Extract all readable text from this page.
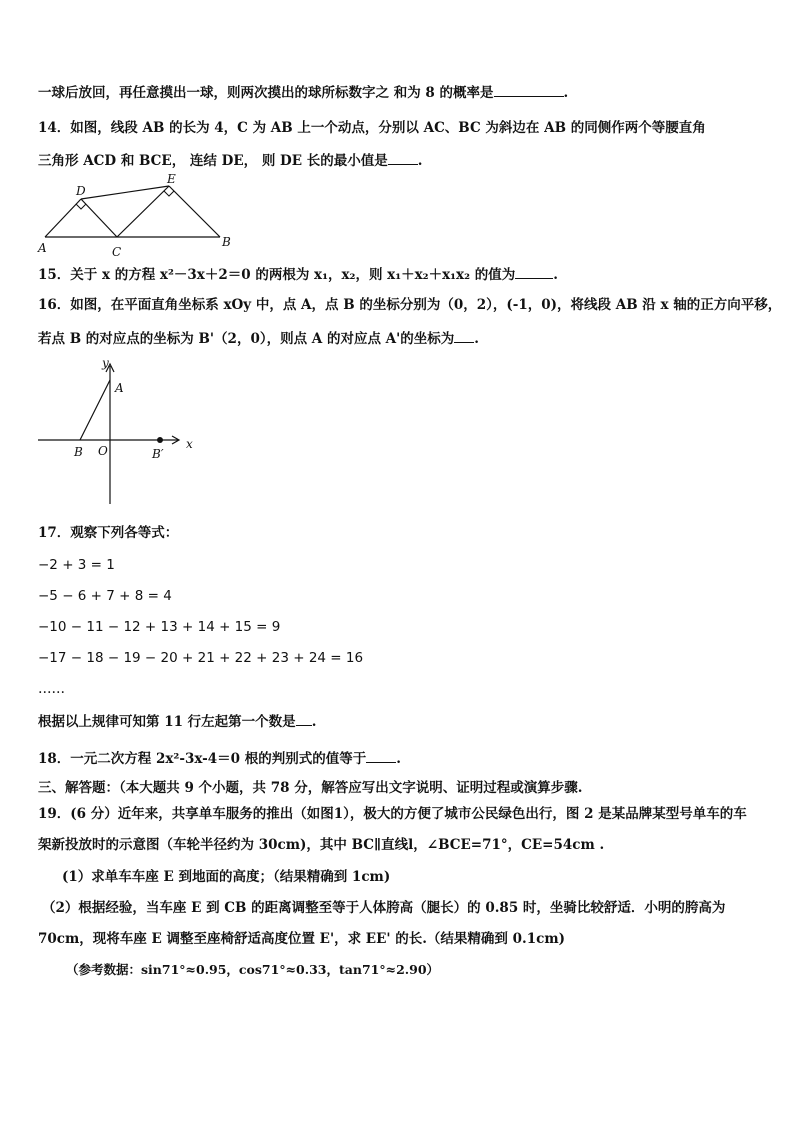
一球后放回，再任意摸出一球，则两次摸出的球所标数字之 和为 8 的概率是	.
14．如图，线段 AB 的长为 4，C 为 AB 上一个动点，分别以 AC、BC 为斜边在 AB 的同侧作两个等腰直角
三角形 ACD 和 BCE， 连结 DE， 则 DE 长的最小值是 .
A	C
B
D
E
15．关于 x 的方程 x²－3x＋2＝0 的两根为 x₁，x₂，则 x₁＋x₂＋x₁x₂ 的值为	.
16．如图，在平面直角坐标系 xOy 中，点 A，点 B 的坐标分别为（0，2），(-1，0)，将线段 AB 沿 x 轴的正方向平移，
若点 B 的对应点的坐标为 B'（2，0），则点 A 的对应点 A'的坐标为 .
y
x
A
B O	B′
17．观察下列各等式：
−2 + 3 = 1
−5 − 6 + 7 + 8 = 4
−10 − 11 − 12 + 13 + 14 + 15 = 9
−17 − 18 − 19 − 20 + 21 + 22 + 23 + 24 = 16
……
根据以上规律可知第 11 行左起第一个数是 .
18．一元二次方程 2x²-3x-4＝0 根的判别式的值等于 .
三、解答题：（本大题共 9 个小题，共 78 分，解答应写出文字说明、证明过程或演算步骤.
19．(6 分）近年来，共享单车服务的推出（如图1），极大的方便了城市公民绿色出行，图 2 是某品牌某型号单车的车
架新投放时的示意图（车轮半径约为 30cm)，其中 BC∥直线l，∠BCE=71°，CE=54cm .
(1）求单车车座 E 到地面的高度；（结果精确到 1cm)
（2）根据经验，当车座 E 到 CB 的距离调整至等于人体胯高（腿长）的 0.85 时，坐骑比较舒适．小明的胯高为
70cm，现将车座 E 调整至座椅舒适高度位置 E'，求 EE' 的长.（结果精确到 0.1cm)
（参考数据：sin71°≈0.95，cos71°≈0.33，tan71°≈2.90）
